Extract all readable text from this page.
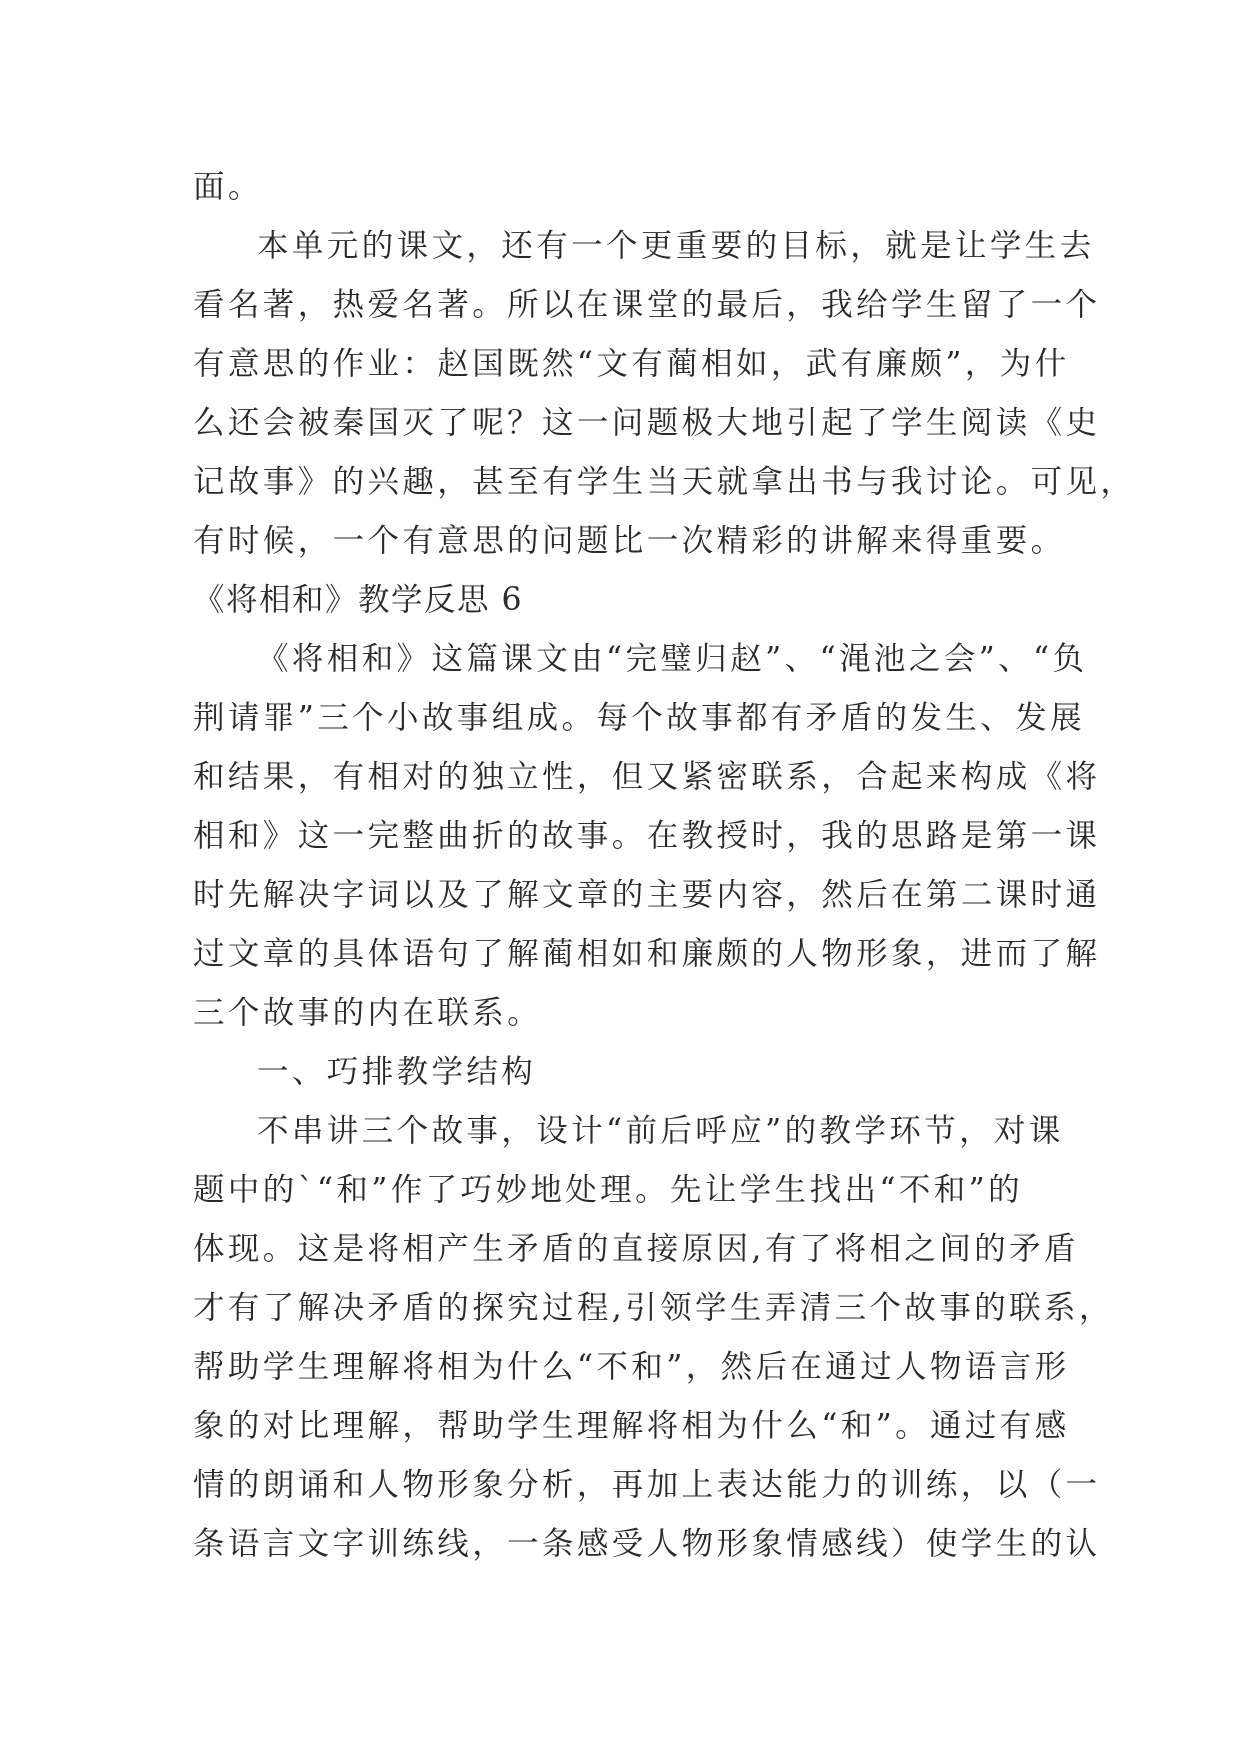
面。
本单元的课文，还有一个更重要的目标，就是让学生去
看名著，热爱名著。所以在课堂的最后，我给学生留了一个
有意思的作业：赵国既然“文有蔺相如，武有廉颇”，为什
么还会被秦国灭了呢？这一问题极大地引起了学生阅读《史
记故事》的兴趣，甚至有学生当天就拿出书与我讨论。可见，
有时候，一个有意思的问题比一次精彩的讲解来得重要。
《将相和》教学反思 6
《将相和》这篇课文由“完璧归赵”、“渑池之会”、“负
荆请罪”三个小故事组成。每个故事都有矛盾的发生、发展
和结果，有相对的独立性，但又紧密联系，合起来构成《将
相和》这一完整曲折的故事。在教授时，我的思路是第一课
时先解决字词以及了解文章的主要内容，然后在第二课时通
过文章的具体语句了解蔺相如和廉颇的人物形象，进而了解
三个故事的内在联系。
一、巧排教学结构
不串讲三个故事，设计“前后呼应”的教学环节，对课
题中的`“和”作了巧妙地处理。先让学生找出“不和”的
体现。这是将相产生矛盾的直接原因,有了将相之间的矛盾
才有了解决矛盾的探究过程,引领学生弄清三个故事的联系，
帮助学生理解将相为什么“不和”，然后在通过人物语言形
象的对比理解，帮助学生理解将相为什么“和”。通过有感
情的朗诵和人物形象分析，再加上表达能力的训练，以（一
条语言文字训练线，一条感受人物形象情感线）使学生的认
